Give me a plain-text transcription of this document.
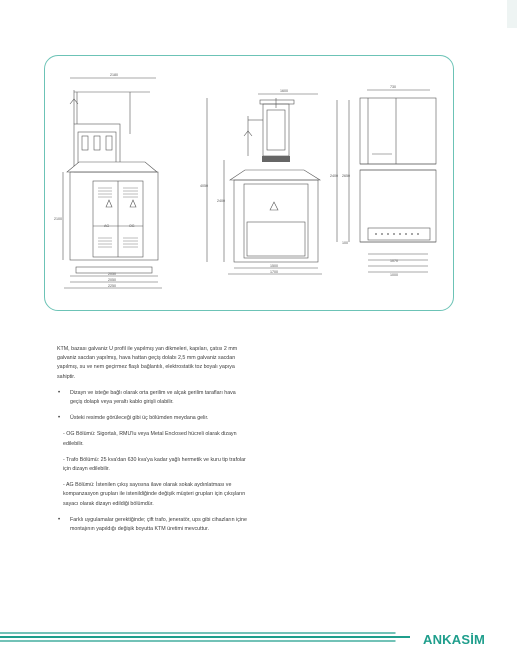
2180
2100
2050
2050
2250
AG	OG
1600
4050
2400
1500
1700
730
2400 2650
100
1070
1000

KTM, bazası galvaniz U profil ile yapılmış yan dikmeleri, kapıları, çatısı 2 mm galvaniz sacdan yapılmış, hava hattan geçiş dolabı 2,5 mm galvaniz sacdan yapılmış, su ve nem geçirmez flaşlı bağlantılı, elektrostatik toz boyalı yapıya sahiptir.

• Dizayn ve isteğe bağlı olarak orta gerilim ve alçak gerilim tarafları hava geçiş dolaplı veya yeraltı kablo girişli olabilir.

• Üsteki resimde görüleceği gibi üç bölümden meydana gelir.

- OG Bölümü: Sigortalı, RMU'lu veya Metal Enclosed hücreli olarak dizayn edilebilir.

- Trafo Bölümü: 25 kva'dan 630 kva'ya kadar yağlı hermetik ve kuru tip trafolar için dizayn edilebilir.

- AG Bölümü: İstenilen çıkış sayısına ilave olarak sokak aydınlatması ve kompanzasyon grupları ile istenildiğinde değişik müşteri grupları için çıkışların sayacı olarak dizayn edildiği bölümdür.

• Farklı uygulamalar gerektiğinde; çift trafo, jeneratör, ups gibi cihazların içine montajının yapıldığı değişik boyutta KTM üretimi mevcuttur.

ANKASİM
